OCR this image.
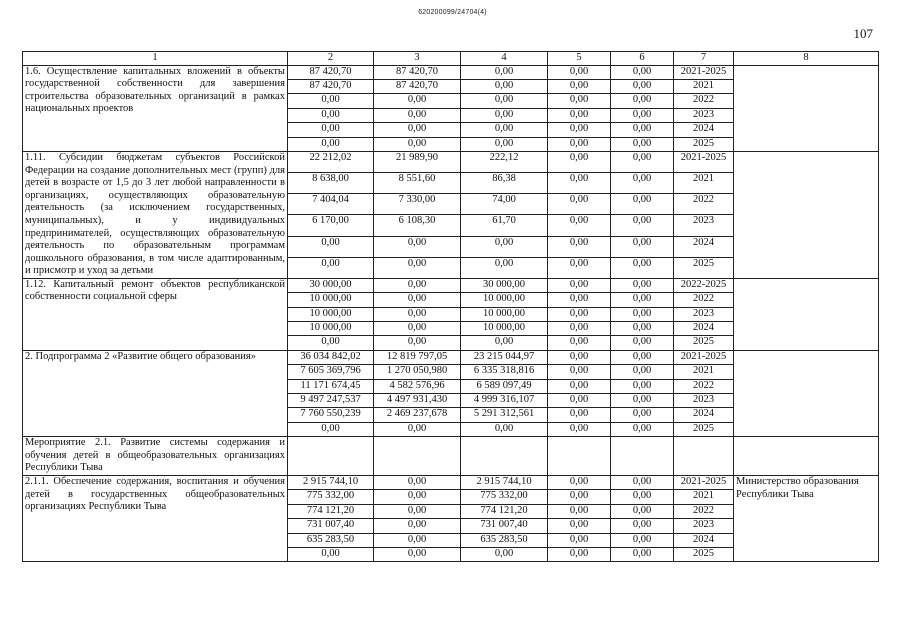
620200099/24704(4)
107
1	2	3	4	5	6	7	8
1.6. Осуществление капитальных вложений в объекты государственной собственности для завершения строительства образовательных организаций в рамках национальных проектов	87 420,70	87 420,70	0,00	0,00	0,00	2021-2025	
	87 420,70	87 420,70	0,00	0,00	0,00	2021	
	0,00	0,00	0,00	0,00	0,00	2022	
	0,00	0,00	0,00	0,00	0,00	2023	
	0,00	0,00	0,00	0,00	0,00	2024	
	0,00	0,00	0,00	0,00	0,00	2025	
1.11. Субсидии бюджетам субъектов Российской Федерации на создание дополнительных мест (групп) для детей в возрасте от 1,5 до 3 лет любой направленности в организациях, осуществляющих образовательную деятельность (за исключением государственных, муниципальных), и у индивидуальных предпринимателей, осуществляющих образовательную деятельность по образовательным программам дошкольного образования, в том числе адаптированным, и присмотр и уход за детьми	22 212,02	21 989,90	222,12	0,00	0,00	2021-2025	
	8 638,00	8 551,60	86,38	0,00	0,00	2021	
	7 404,04	7 330,00	74,00	0,00	0,00	2022	
	6 170,00	6 108,30	61,70	0,00	0,00	2023	
	0,00	0,00	0,00	0,00	0,00	2024	
	0,00	0,00	0,00	0,00	0,00	2025	
1.12. Капитальный ремонт объектов республиканской собственности социальной сферы	30 000,00	0,00	30 000,00	0,00	0,00	2022-2025	
	10 000,00	0,00	10 000,00	0,00	0,00	2022	
	10 000,00	0,00	10 000,00	0,00	0,00	2023	
	10 000,00	0,00	10 000,00	0,00	0,00	2024	
	0,00	0,00	0,00	0,00	0,00	2025	
2. Подпрограмма 2 «Развитие общего образования»	36 034 842,02	12 819 797,05	23 215 044,97	0,00	0,00	2021-2025	
	7 605 369,796	1 270 050,980	6 335 318,816	0,00	0,00	2021	
	11 171 674,45	4 582 576,96	6 589 097,49	0,00	0,00	2022	
	9 497 247,537	4 497 931,430	4 999 316,107	0,00	0,00	2023	
	7 760 550,239	2 469 237,678	5 291 312,561	0,00	0,00	2024	
	0,00	0,00	0,00	0,00	0,00	2025	
Мероприятие 2.1. Развитие системы содержания и обучения детей в общеобразовательных организациях Республики Тыва							
2.1.1. Обеспечение содержания, воспитания и обучения детей в государственных общеобразовательных организациях Республики Тыва	2 915 744,10	0,00	2 915 744,10	0,00	0,00	2021-2025	Министерство образования Республики Тыва
	775 332,00	0,00	775 332,00	0,00	0,00	2021	
	774 121,20	0,00	774 121,20	0,00	0,00	2022	
	731 007,40	0,00	731 007,40	0,00	0,00	2023	
	635 283,50	0,00	635 283,50	0,00	0,00	2024	
	0,00	0,00	0,00	0,00	0,00	2025	
